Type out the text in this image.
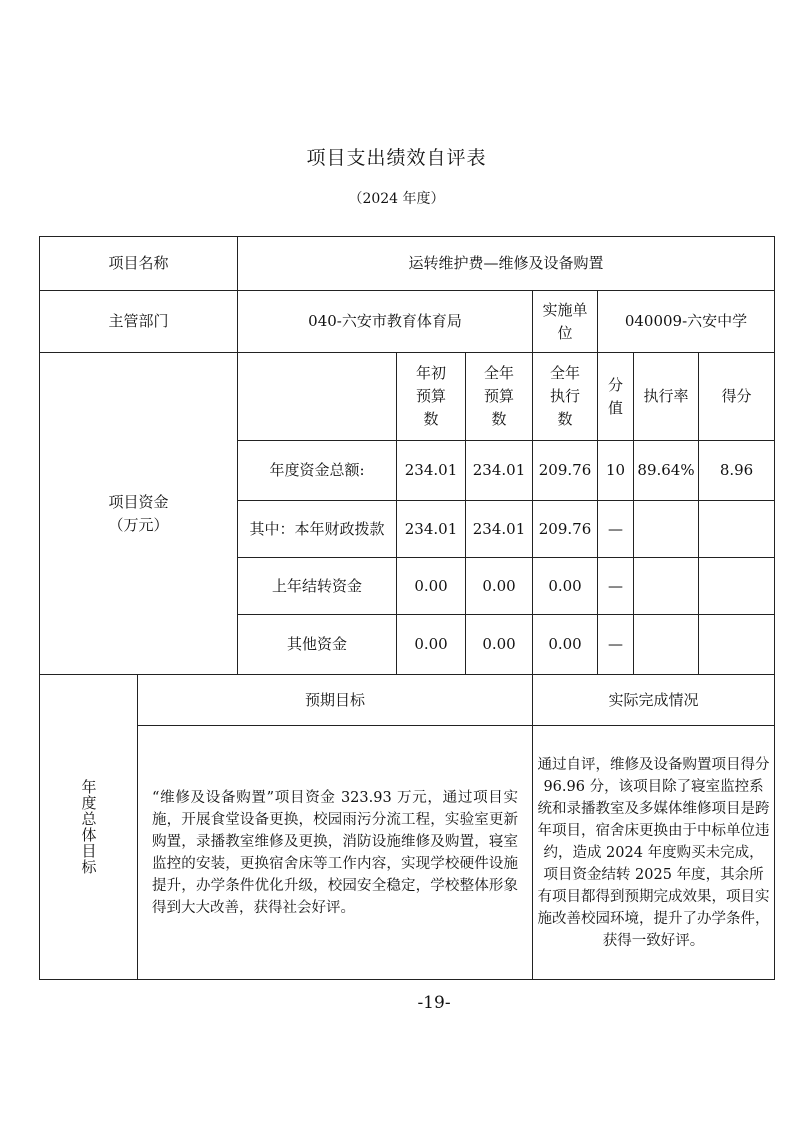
项目支出绩效自评表
（2024 年度）
项目名称		运转维护费—维修及设备购置						
主管部门		040-六安市教育体育局			实施单位	040009-六安中学		

项目资金
（万元）			年初预算数	全年预算数	全年执行数	分值	执行率	得分
		年度资金总额:	234.01	234.01	209.76	10	89.64%	8.96
		其中：本年财政拨款	234.01	234.01	209.76	—		
		上年结转资金	0.00	0.00	0.00	—		
		其他资金	0.00	0.00	0.00	—		

年度总体目标	预期目标				实际完成情况			

	“维修及设备购置”项目资金 323.93 万元，通过项目实施，开展食堂设备更换，校园雨污分流工程，实验室更新购置，录播教室维修及更换，消防设施维修及购置，寝室监控的安装，更换宿舍床等工作内容，实现学校硬件设施提升，办学条件优化升级，校园安全稳定，学校整体形象得到大大改善，获得社会好评。				通过自评，维修及设备购置项目得分 96.96 分，该项目除了寝室监控系统和录播教室及多媒体维修项目是跨年项目，宿舍床更换由于中标单位违约，造成 2024 年度购买未完成，项目资金结转 2025 年度，其余所有项目都得到预期完成效果，项目实施改善校园环境，提升了办学条件，获得一致好评。			
-19-
